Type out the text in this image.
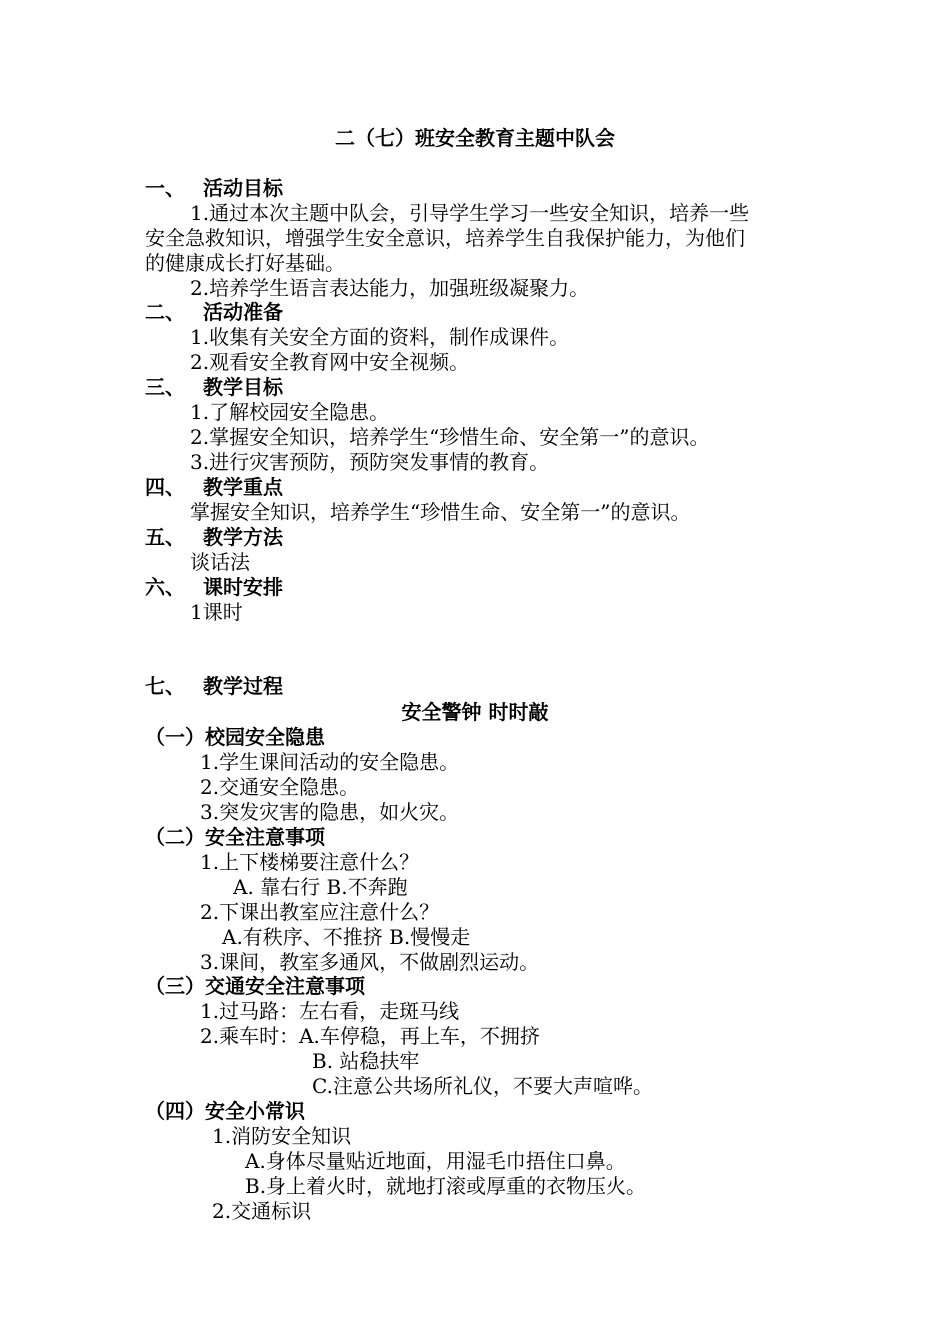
二（七）班安全教育主题中队会
一、 活动目标
1.通过本次主题中队会，引导学生学习一些安全知识，培养一些
安全急救知识，增强学生安全意识，培养学生自我保护能力，为他们
的健康成长打好基础。
2.培养学生语言表达能力，加强班级凝聚力。
二、 活动准备
1.收集有关安全方面的资料，制作成课件。
2.观看安全教育网中安全视频。
三、 教学目标
1.了解校园安全隐患。
2.掌握安全知识，培养学生“珍惜生命、安全第一”的意识。
3.进行灾害预防，预防突发事情的教育。
四、 教学重点
掌握安全知识，培养学生“珍惜生命、安全第一”的意识。
五、 教学方法
谈话法
六、 课时安排
1课时
七、 教学过程
安全警钟 时时敲
（一）校园安全隐患
1.学生课间活动的安全隐患。
2.交通安全隐患。
3.突发灾害的隐患，如火灾。
（二）安全注意事项
1.上下楼梯要注意什么？
A. 靠右行 B.不奔跑
2.下课出教室应注意什么？
A.有秩序、不推挤 B.慢慢走
3.课间，教室多通风，不做剧烈运动。
（三）交通安全注意事项
1.过马路：左右看，走斑马线
2.乘车时：A.车停稳，再上车，不拥挤
B. 站稳扶牢
C.注意公共场所礼仪，不要大声喧哗。
（四）安全小常识
1.消防安全知识
A.身体尽量贴近地面，用湿毛巾捂住口鼻。
B.身上着火时，就地打滚或厚重的衣物压火。
2.交通标识
